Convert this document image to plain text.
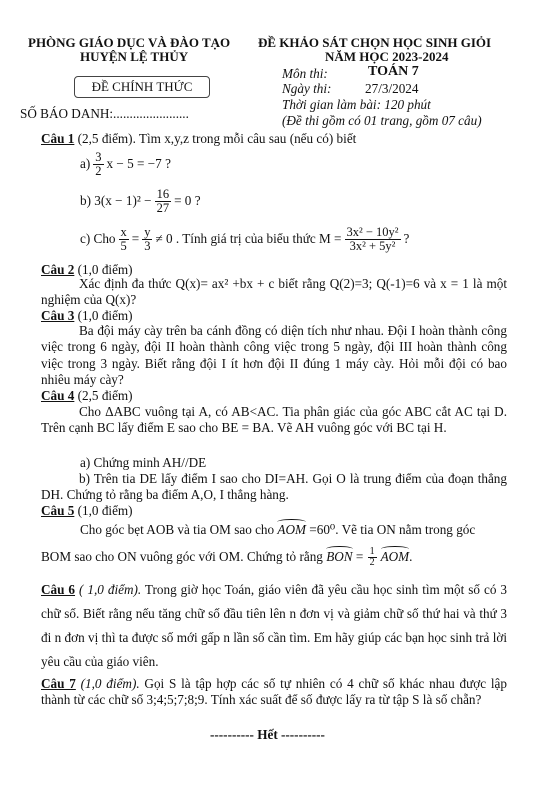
PHÒNG GIÁO DỤC VÀ ĐÀO TẠO
HUYỆN LỆ THỦY
ĐỀ KHẢO SÁT CHỌN HỌC SINH GIỎI
NĂM HỌC 2023-2024
ĐỀ CHÍNH THỨC
Môn thi:	TOÁN 7
Ngày thi:	27/3/2024
SỐ BÁO DANH:.......................
Thời gian làm bài: 120 phút
(Đề thi gồm có 01 trang, gồm 07 câu)
Câu 1 (2,5 điểm). Tìm x,y,z trong mỗi câu sau (nếu có) biết
$a) \frac{3}{2}$ x − 5 = −7 ?
b) $3(x - 1)^2 - \frac{16}{27} = 0$ ?
c) Cho $\frac{x}{5} = \frac{y}{3} \ne 0$ . Tính giá trị của biểu thức $M = \frac{\text{3x² − 10y²}}{\text{3x² + 5y²}}$ ?
Câu 2 (1,0 điểm)
Xác định đa thức Q(x)= ax² +bx + c biết rằng Q(2)=3; Q(-1)=6 và x = 1 là một nghiệm của Q(x)?
Câu 3 (1,0 điểm)
Ba đội máy cày trên ba cánh đồng có diện tích như nhau. Đội I hoàn thành công việc trong 6 ngày, đội II hoàn thành công việc trong 5 ngày, đội III hoàn thành công việc trong 3 ngày. Biết rằng đội I ít hơn đội II đúng 1 máy cày. Hỏi mỗi đội có bao nhiêu máy cày?
Câu 4 (2,5 điểm)
Cho ΔABC vuông tại A, có AB<AC. Tia phân giác của góc ABC cắt AC tại D. Trên cạnh BC lấy điểm E sao cho BE = BA. Vẽ AH vuông góc với BC tại H.
a) Chứng minh AH//DE
b) Trên tia DE lấy điểm I sao cho DI=AH. Gọi O là trung điểm của đoạn thẳng DH. Chứng tỏ rằng ba điểm A,O, I thẳng hàng.
Câu 5 (1,0 điểm)
Cho góc bẹt AOB và tia OM sao cho AOM =60⁰. Vẽ tia ON nằm trong góc
BOM sao cho ON vuông góc với OM. Chứng tỏ rằng BON = $\frac{1}{2}$ AOM .
Câu 6 ( 1,0 điểm). Trong giờ học Toán, giáo viên đã yêu cầu học sinh tìm một số có 3 chữ số. Biết rằng nếu tăng chữ số đầu tiên lên n đơn vị và giảm chữ số thứ hai và thứ 3 đi n đơn vị thì ta được số mới gấp n lần số cần tìm. Em hãy giúp các bạn học sinh trả lời yêu cầu của giáo viên.
Câu 7 (1,0 điểm). Gọi S là tập hợp các số tự nhiên có 4 chữ số khác nhau được lập thành từ các chữ số 3;4;5;7;8;9. Tính xác suất để số được lấy ra từ tập S là số chẵn?
---------- Hết ----------
